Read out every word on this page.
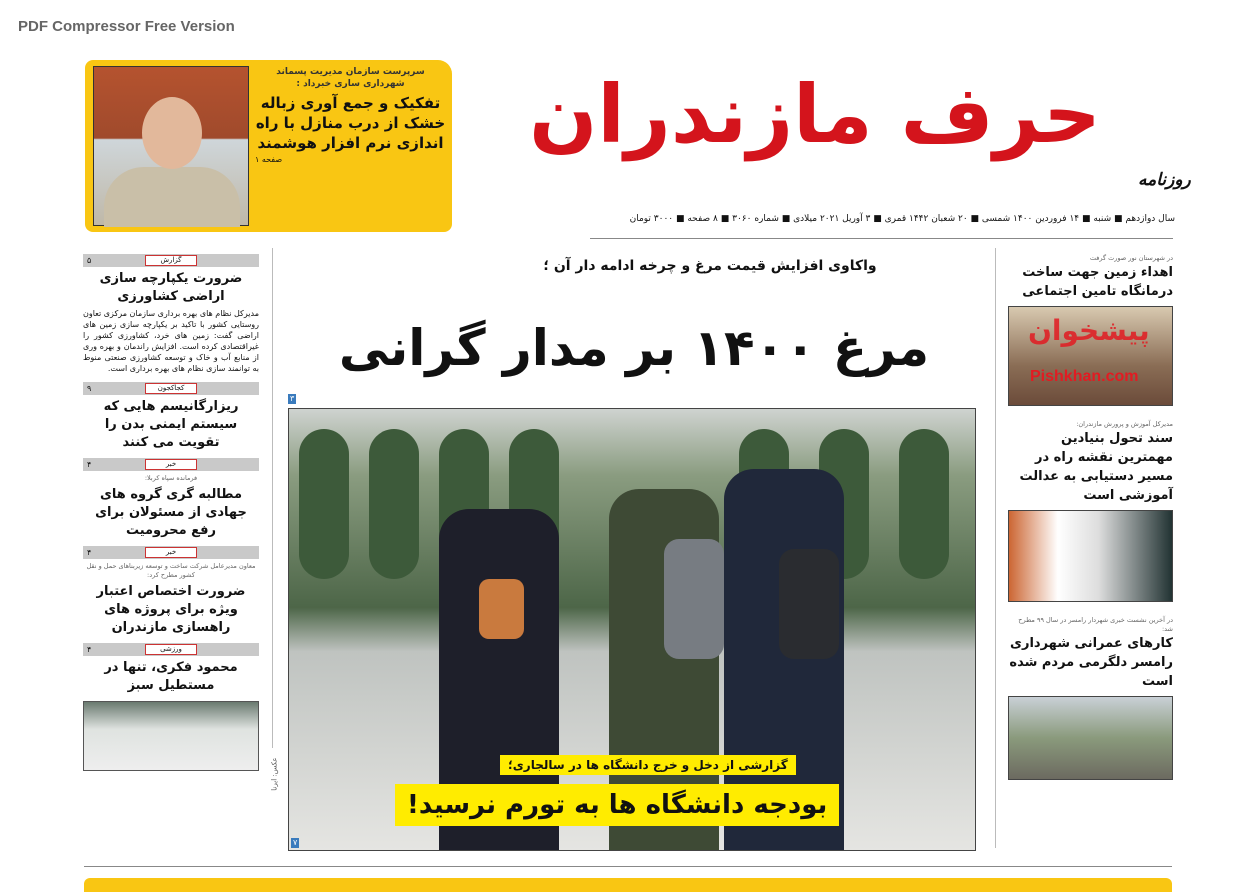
PDF Compressor Free Version
سرپرست سازمان مدیریت پسماند شهرداری ساری خبرداد :
تفکیک و جمع آوری زباله خشک از درب منازل با راه اندازی نرم افزار هوشمند
صفحه ۱	حرف مازندران
روزنامه
سال دوازدهم ■ شنبه ■ ۱۴ فروردین ۱۴۰۰ شمسی ■ ۲۰ شعبان ۱۴۴۲ قمری ■ ۳ آوریل ۲۰۲۱ میلادی ■ شماره ۳۰۶۰ ■ ۸ صفحه ■ ۳۰۰۰ تومان
گزارش
۵
ضرورت یکپارچه سازی اراضی کشاورزی
مدیرکل نظام های بهره برداری سازمان مرکزی تعاون روستایی کشور با تاکید بر یکپارچه سازی زمین های اراضی گفت: زمین های خرد، کشاورزی کشور را غیراقتصادی کرده است. افزایش راندمان و بهره وری از منابع آب و خاک و توسعه کشاورزی صنعتی منوط به توانمند سازی نظام های بهره برداری است.
کجاکجون
۹
ریزارگانیسم هایی که سیستم ایمنی بدن را تقویت می کنند
خبر
۴
فرمانده سپاه کربلا:
مطالبه گری گروه های جهادی از مسئولان برای رفع محرومیت
خبر
۴
معاون مدیرعامل شرکت ساخت و توسعه زیربناهای حمل و نقل کشور مطرح کرد:
ضرورت اختصاص اعتبار ویژه برای پروژه های راهسازی مازندران
ورزشی
۴
محمود فکری، تنها در مستطیل سبز
واکاوی افزایش قیمت مرغ و چرخه ادامه دار آن ؛
مرغ ۱۴۰۰ بر مدار گرانی
۳
۷
عکس: ایرنا	گزارشی از دخل و خرج دانشگاه ها در سالجاری؛
بودجه دانشگاه ها به تورم نرسید!
در شهرستان نور صورت گرفت
اهداء زمین جهت ساخت درمانگاه تامین اجتماعی
مدیرکل آموزش و پرورش مازندران:
سند تحول بنیادین مهمترین نقشه راه در مسیر دستیابی به عدالت آموزشی است
در آخرین نشست خبری شهردار رامسر در سال ۹۹ مطرح شد:
کارهای عمرانی شهرداری رامسر دلگرمی مردم شده است
پیشخوان
Pishkhan.com
